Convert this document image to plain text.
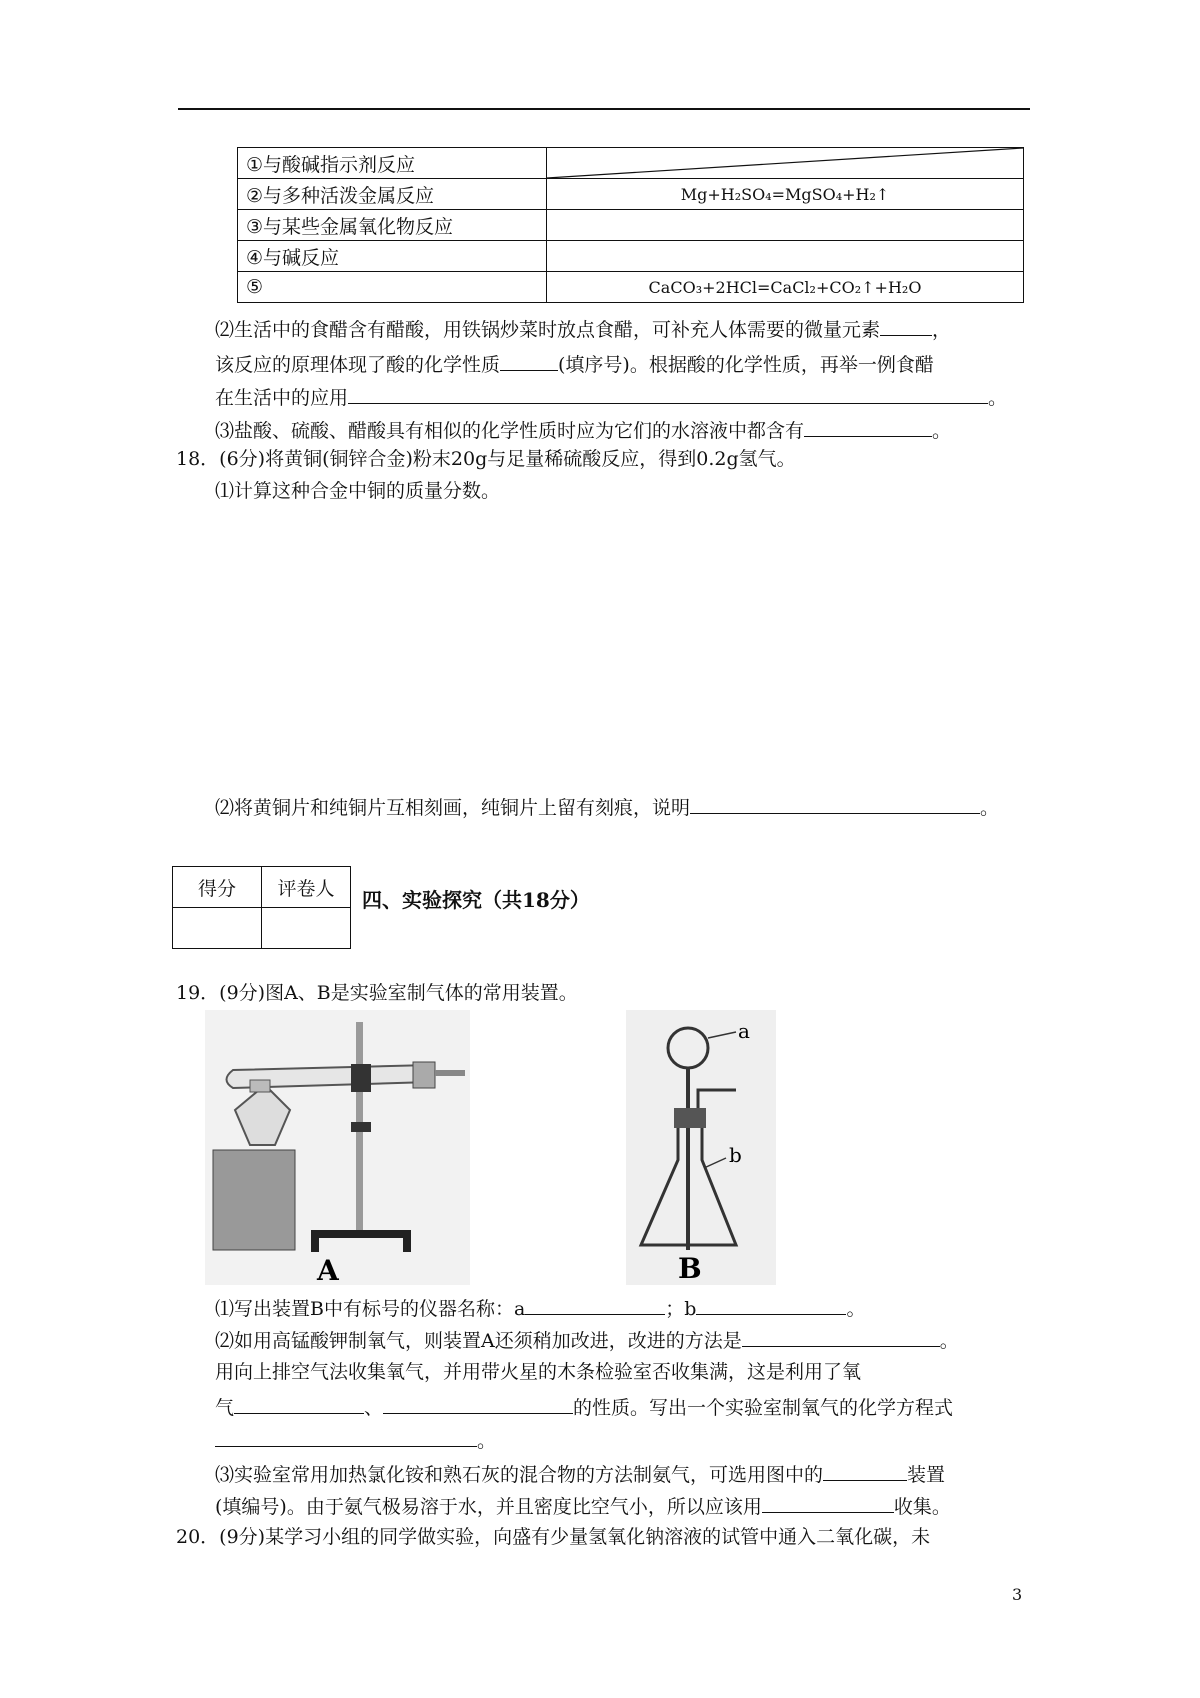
①与酸碱指示剂反应	

②与多种活泼金属反应	Mg+H₂SO₄=MgSO₄+H₂↑
③与某些金属氧化物反应	
④与碱反应	
⑤	CaCO₃+2HCl=CaCl₂+CO₂↑+H₂O
⑵生活中的食醋含有醋酸，用铁锅炒菜时放点食醋，可补充人体需要的微量元素	，
该反应的原理体现了酸的化学性质	(填序号)。根据酸的化学性质，再举一例食醋
在生活中的应用	。
⑶盐酸、硫酸、醋酸具有相似的化学性质时应为它们的水溶液中都含有	。
18．(6分)将黄铜(铜锌合金)粉末20g与足量稀硫酸反应，得到0.2g氢气。
⑴计算这种合金中铜的质量分数。
⑵将黄铜片和纯铜片互相刻画，纯铜片上留有刻痕，说明	。
得分	评卷人
	四、实验探究（共18分）
19．(9分)图A、B是实验室制气体的常用装置。
A
a
b
B
⑴写出装置B中有标号的仪器名称：a	；b	。
⑵如用高锰酸钾制氧气，则装置A还须稍加改进，改进的方法是	。
用向上排空气法收集氧气，并用带火星的木条检验室否收集满，这是利用了氧
气	、	的性质。写出一个实验室制氧气的化学方程式
。
⑶实验室常用加热氯化铵和熟石灰的混合物的方法制氨气，可选用图中的	装置
(填编号)。由于氨气极易溶于水，并且密度比空气小，所以应该用	收集。
20．(9分)某学习小组的同学做实验，向盛有少量氢氧化钠溶液的试管中通入二氧化碳，未
3
